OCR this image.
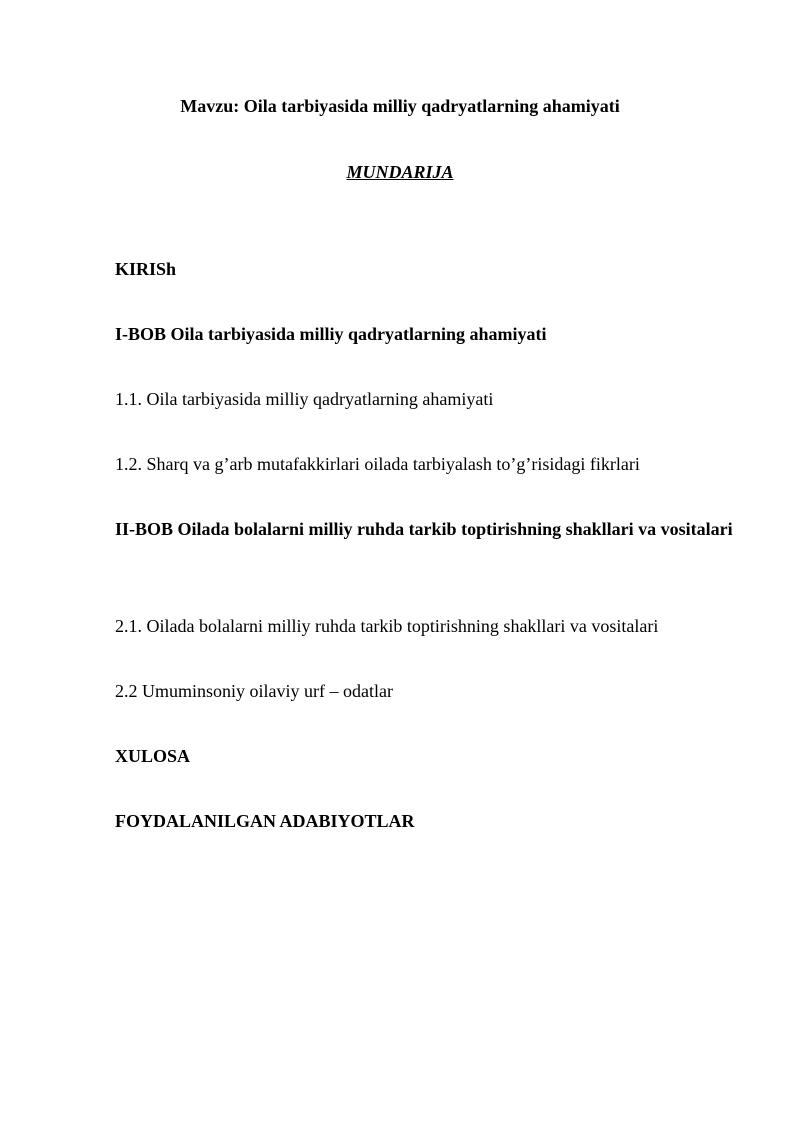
Mavzu: Oila tarbiyasida milliy qadryatlarning ahamiyati
MUNDARIJA
KIRISh
I-BOB Oila tarbiyasida milliy qadryatlarning ahamiyati
1.1. Oila tarbiyasida milliy qadryatlarning ahamiyati
1.2. Sharq va g’arb mutafakkirlari oilada tarbiyalash to’g’risidagi fikrlari
II-BOB Oilada bolalarni milliy ruhda tarkib toptirishning shakllari va vositalari
2.1. Oilada bolalarni milliy ruhda tarkib toptirishning shakllari va vositalari
2.2 Umuminsoniy oilaviy urf – odatlar
XULOSA
FOYDALANILGAN ADABIYOTLAR
